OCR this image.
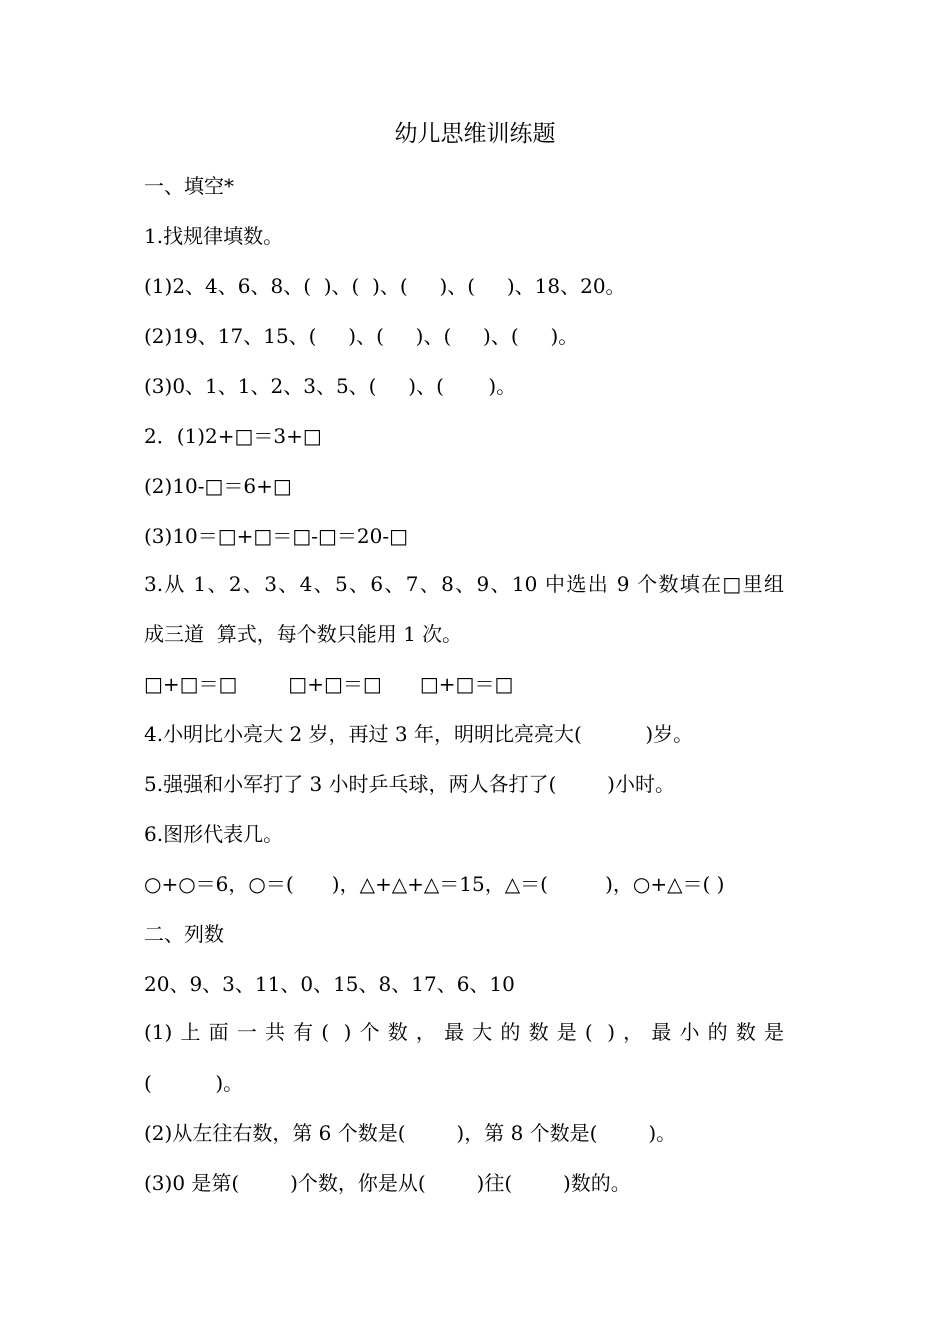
幼儿思维训练题
一、填空*
1.找规律填数。
(1)2、4、6、8、(  )、(  )、(     )、(     )、18、20。
(2)19、17、15、(     )、(     )、(     )、(     )。
(3)0、1、1、2、3、5、(     )、(       )。
2．(1)2+□＝3+□
(2)10-□＝6+□
(3)10＝□+□＝□-□＝20-□
3.从 1、2、3、4、5、6、7、8、9、10 中选出 9 个数填在□里组
成三道  算式，每个数只能用 1 次。
□+□＝□        □+□＝□      □+□＝□
4.小明比小亮大 2 岁，再过 3 年，明明比亮亮大(          )岁。
5.强强和小军打了 3 小时乒乓球，两人各打了(        )小时。
6.图形代表几。
○+○＝6，○＝(      )，△+△+△＝15，△＝(         )，○+△＝( )
二、列数
20、9、3、11、0、15、8、17、6、10
(1)上面一共有( )个数，最大的数是( )，最小的数是
(          )。
(2)从左往右数，第 6 个数是(        )，第 8 个数是(        )。
(3)0 是第(        )个数，你是从(        )往(        )数的。
